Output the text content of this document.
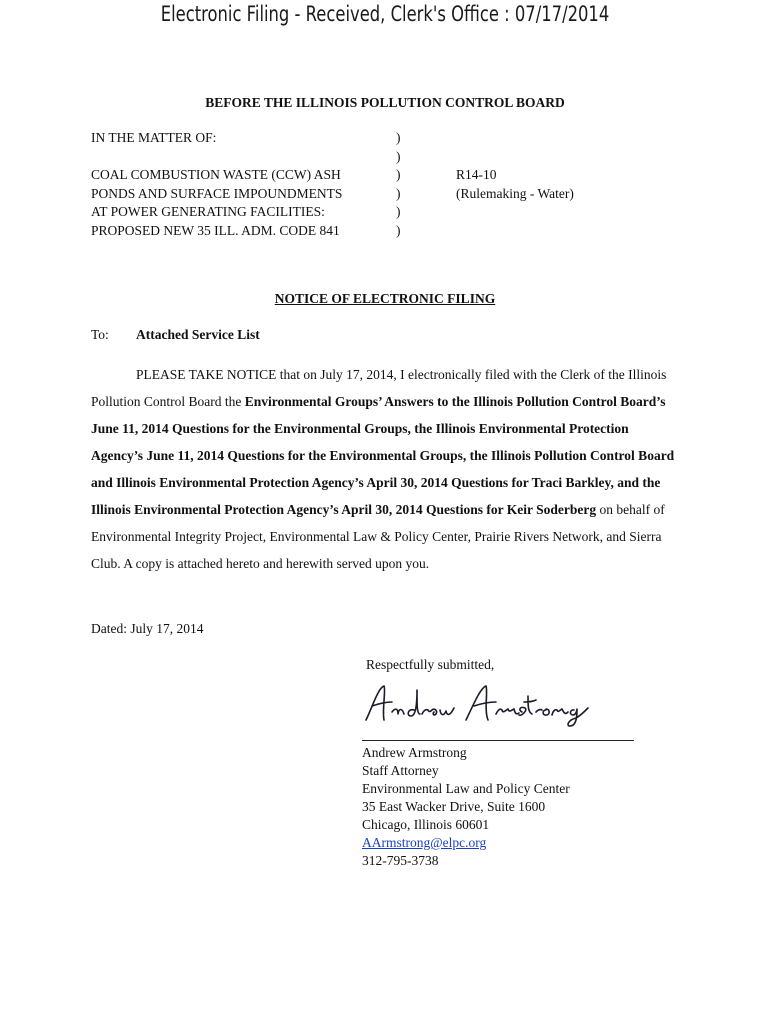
Electronic Filing - Received, Clerk's Office : 07/17/2014
BEFORE THE ILLINOIS POLLUTION CONTROL BOARD
IN THE MATTER OF:	)

)

COAL COMBUSTION WASTE (CCW) ASH	)	R14-10
PONDS AND SURFACE IMPOUNDMENTS	)	(Rulemaking - Water)
AT POWER GENERATING FACILITIES:	)

PROPOSED NEW 35 ILL. ADM. CODE 841	)

NOTICE OF ELECTRONIC FILING
To: Attached Service List
PLEASE TAKE NOTICE that on July 17, 2014, I electronically filed with the Clerk of the Illinois Pollution Control Board the Environmental Groups’ Answers to the Illinois Pollution Control Board’s June 11, 2014 Questions for the Environmental Groups, the Illinois Environmental Protection Agency’s June 11, 2014 Questions for the Environmental Groups, the Illinois Pollution Control Board and Illinois Environmental Protection Agency’s April 30, 2014 Questions for Traci Barkley, and the Illinois Environmental Protection Agency’s April 30, 2014 Questions for Keir Soderberg on behalf of Environmental Integrity Project, Environmental Law & Policy Center, Prairie Rivers Network, and Sierra Club. A copy is attached hereto and herewith served upon you.
Dated: July 17, 2014
Respectfully submitted,
Andrew Armstrong
Staff Attorney
Environmental Law and Policy Center
35 East Wacker Drive, Suite 1600
Chicago, Illinois 60601
AArmstrong@elpc.org
312-795-3738
